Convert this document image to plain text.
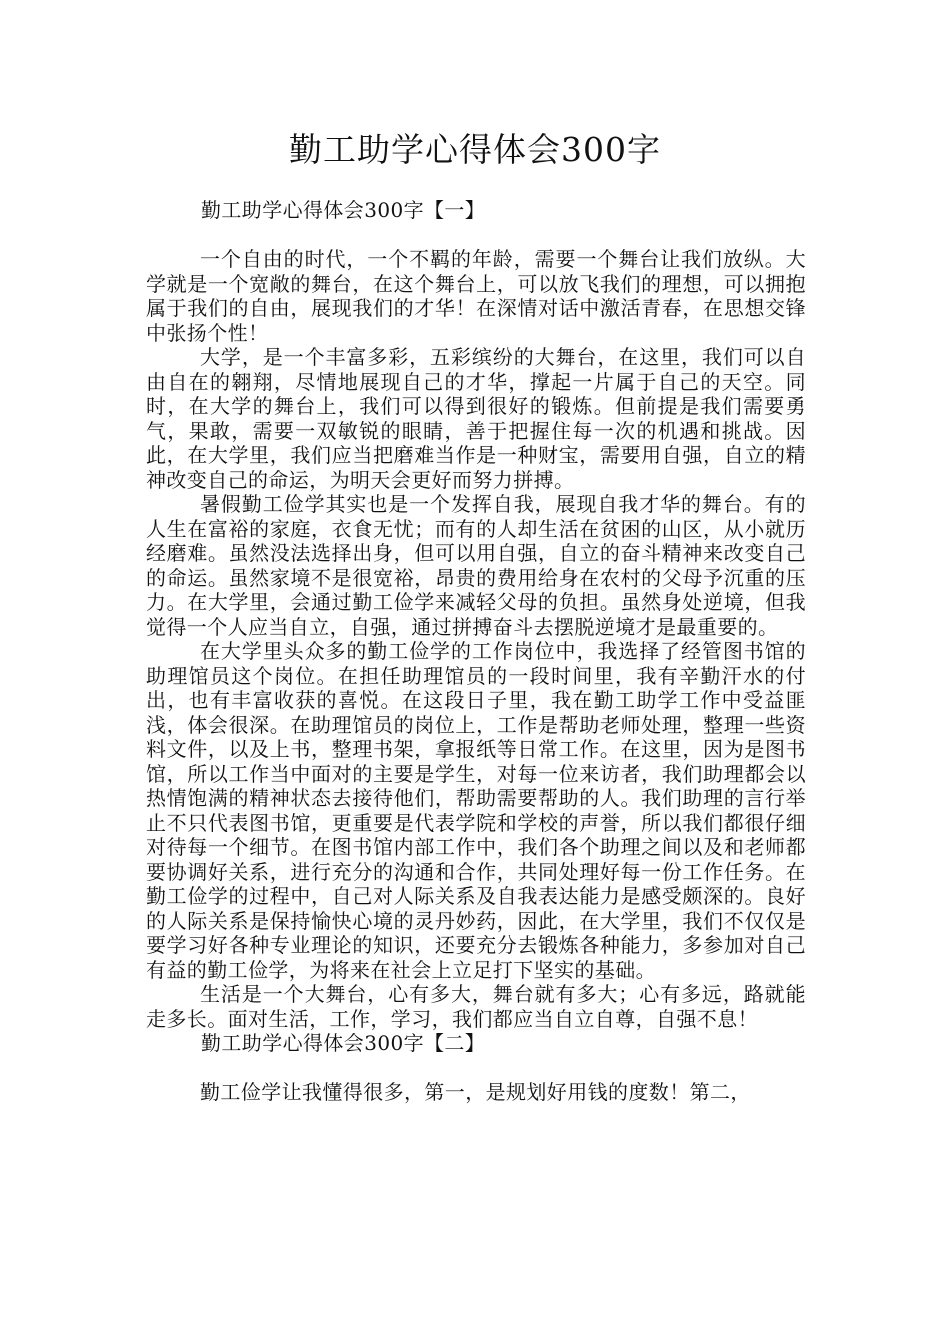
勤工助学心得体会300字
勤工助学心得体会300字【一】

一个自由的时代，一个不羁的年龄，需要一个舞台让我们放纵。大学就是一个宽敞的舞台，在这个舞台上，可以放飞我们的理想，可以拥抱属于我们的自由，展现我们的才华！在深情对话中激活青春，在思想交锋中张扬个性！

大学，是一个丰富多彩，五彩缤纷的大舞台，在这里，我们可以自由自在的翱翔，尽情地展现自己的才华，撑起一片属于自己的天空。同时，在大学的舞台上，我们可以得到很好的锻炼。但前提是我们需要勇气，果敢，需要一双敏锐的眼睛，善于把握住每一次的机遇和挑战。因此，在大学里，我们应当把磨难当作是一种财宝，需要用自强，自立的精神改变自己的命运，为明天会更好而努力拼搏。

暑假勤工俭学其实也是一个发挥自我，展现自我才华的舞台。有的人生在富裕的家庭，衣食无忧；而有的人却生活在贫困的山区，从小就历经磨难。虽然没法选择出身，但可以用自强，自立的奋斗精神来改变自己的命运。虽然家境不是很宽裕，昂贵的费用给身在农村的父母予沉重的压力。在大学里，会通过勤工俭学来减轻父母的负担。虽然身处逆境，但我觉得一个人应当自立，自强，通过拼搏奋斗去摆脱逆境才是最重要的。

在大学里头众多的勤工俭学的工作岗位中，我选择了经管图书馆的助理馆员这个岗位。在担任助理馆员的一段时间里，我有辛勤汗水的付出，也有丰富收获的喜悦。在这段日子里，我在勤工助学工作中受益匪浅，体会很深。在助理馆员的岗位上，工作是帮助老师处理，整理一些资料文件，以及上书，整理书架，拿报纸等日常工作。在这里，因为是图书馆，所以工作当中面对的主要是学生，对每一位来访者，我们助理都会以热情饱满的精神状态去接待他们，帮助需要帮助的人。我们助理的言行举止不只代表图书馆，更重要是代表学院和学校的声誉，所以我们都很仔细对待每一个细节。在图书馆内部工作中，我们各个助理之间以及和老师都要协调好关系，进行充分的沟通和合作，共同处理好每一份工作任务。在勤工俭学的过程中，自己对人际关系及自我表达能力是感受颇深的。良好的人际关系是保持愉快心境的灵丹妙药，因此，在大学里，我们不仅仅是要学习好各种专业理论的知识，还要充分去锻炼各种能力，多参加对自己有益的勤工俭学，为将来在社会上立足打下坚实的基础。

生活是一个大舞台，心有多大，舞台就有多大；心有多远，路就能走多长。面对生活，工作，学习，我们都应当自立自尊，自强不息！

勤工助学心得体会300字【二】

勤工俭学让我懂得很多，第一，是规划好用钱的度数！第二，
